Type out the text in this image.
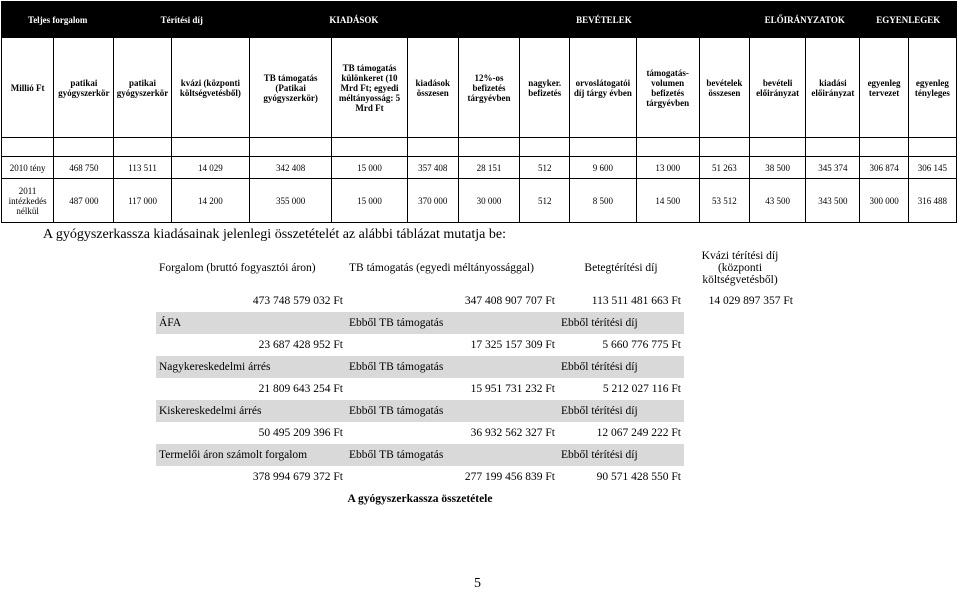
Teljes forgalom		Térítési díj		KIADÁSOK			BEVÉTELEK					ELŐIRÁNYZATOK		EGYENLEGEK	
Millió Ft	patikai gyógyszerkör	patikai gyógyszerkör	kvázi (központi költségvetésből)	TB támogatás (Patikai gyógyszerkör)	TB támogatás különkeret (10 Mrd Ft; egyedi méltányosság: 5 Mrd Ft	kiadások összesen	12%-os befizetés tárgyévben	nagyker. befizetés	orvoslátogatói díj tárgy évben	támogatás-volumen befizetés tárgyévben	bevételek összesen	bevételi előirányzat	kiadási előirányzat	egyenleg tervezet	egyenleg tényleges

2010 tény	468 750	113 511	14 029	342 408	15 000	357 408	28 151	512	9 600	13 000	51 263	38 500	345 374	306 874	306 145
2011 intézkedés nélkül	487 000	117 000	14 200	355 000	15 000	370 000	30 000	512	8 500	14 500	53 512	43 500	343 500	300 000	316 488
A gyógyszerkassza kiadásainak jelenlegi összetételét az alábbi táblázat mutatja be:
Forgalom (bruttó fogyasztói áron)	TB támogatás (egyedi méltányossággal)	Betegtérítési díj	Kvázi térítési díj (központi költségvetésből)
473 748 579 032 Ft	347 408 907 707 Ft	113 511 481 663 Ft	14 029 897 357 Ft
ÁFA	Ebből TB támogatás	Ebből térítési díj	
23 687 428 952 Ft	17 325 157 309 Ft	5 660 776 775 Ft	
Nagykereskedelmi árrés	Ebből TB támogatás	Ebből térítési díj	
21 809 643 254 Ft	15 951 731 232 Ft	5 212 027 116 Ft	
Kiskereskedelmi árrés	Ebből TB támogatás	Ebből térítési díj	
50 495 209 396 Ft	36 932 562 327 Ft	12 067 249 222 Ft	
Termelői áron számolt forgalom	Ebből TB támogatás	Ebből térítési díj	
378 994 679 372 Ft	277 199 456 839 Ft	90 571 428 550 Ft	
A gyógyszerkassza összetétele			
5
